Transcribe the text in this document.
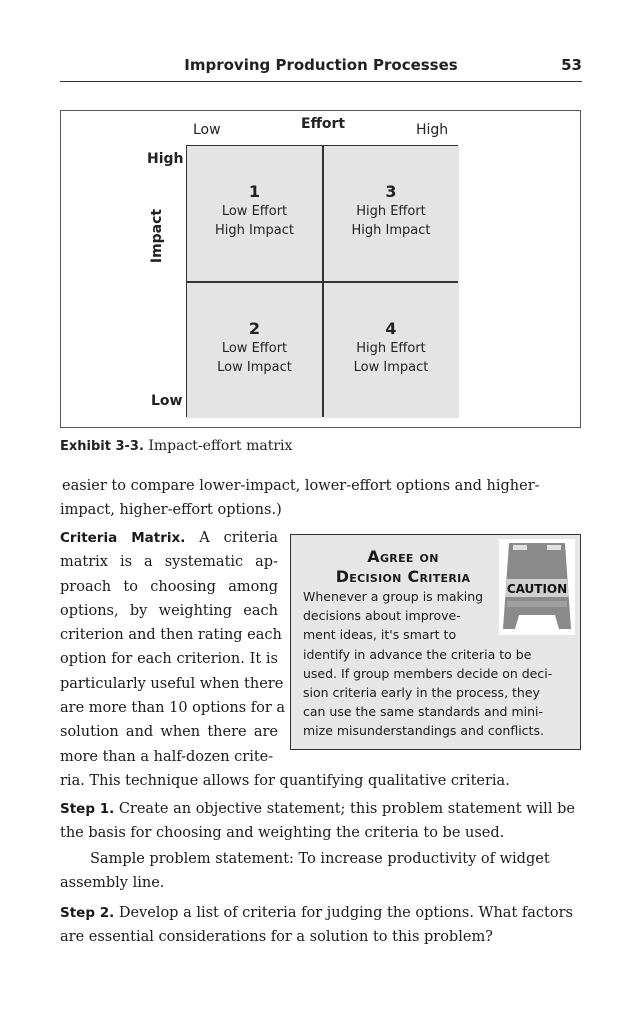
Improving Production Processes	53
Low	Effort	High
High
Low
Impact
1
Low Effort
High Impact
3
High Effort
High Impact
2
Low Effort
Low Impact
4
High Effort
Low Impact
Exhibit 3-3. Impact-effort matrix
easier to compare lower-impact, lower-effort options and higher-impact, higher-effort options.)
Criteria Matrix. A criteria
matrix is a systematic ap-
proach to choosing among
options, by weighting each
criterion and then rating each
option for each criterion. It is
particularly useful when there
are more than 10 options for a
solution and when there are
more than a half-dozen crite-
ria. This technique allows for quantifying qualitative criteria.
Agree on
Decision Criteria
CAUTION
Whenever a group is making
decisions about improve-
ment ideas, it's smart to
identify in advance the criteria to be
used. If group members decide on deci-
sion criteria early in the process, they
can use the same standards and mini-
mize misunderstandings and conflicts.
Step 1. Create an objective statement; this problem statement will be the basis for choosing and weighting the criteria to be used.
Sample problem statement: To increase productivity of widget assembly line.
Step 2. Develop a list of criteria for judging the options. What factors are essential considerations for a solution to this problem?
